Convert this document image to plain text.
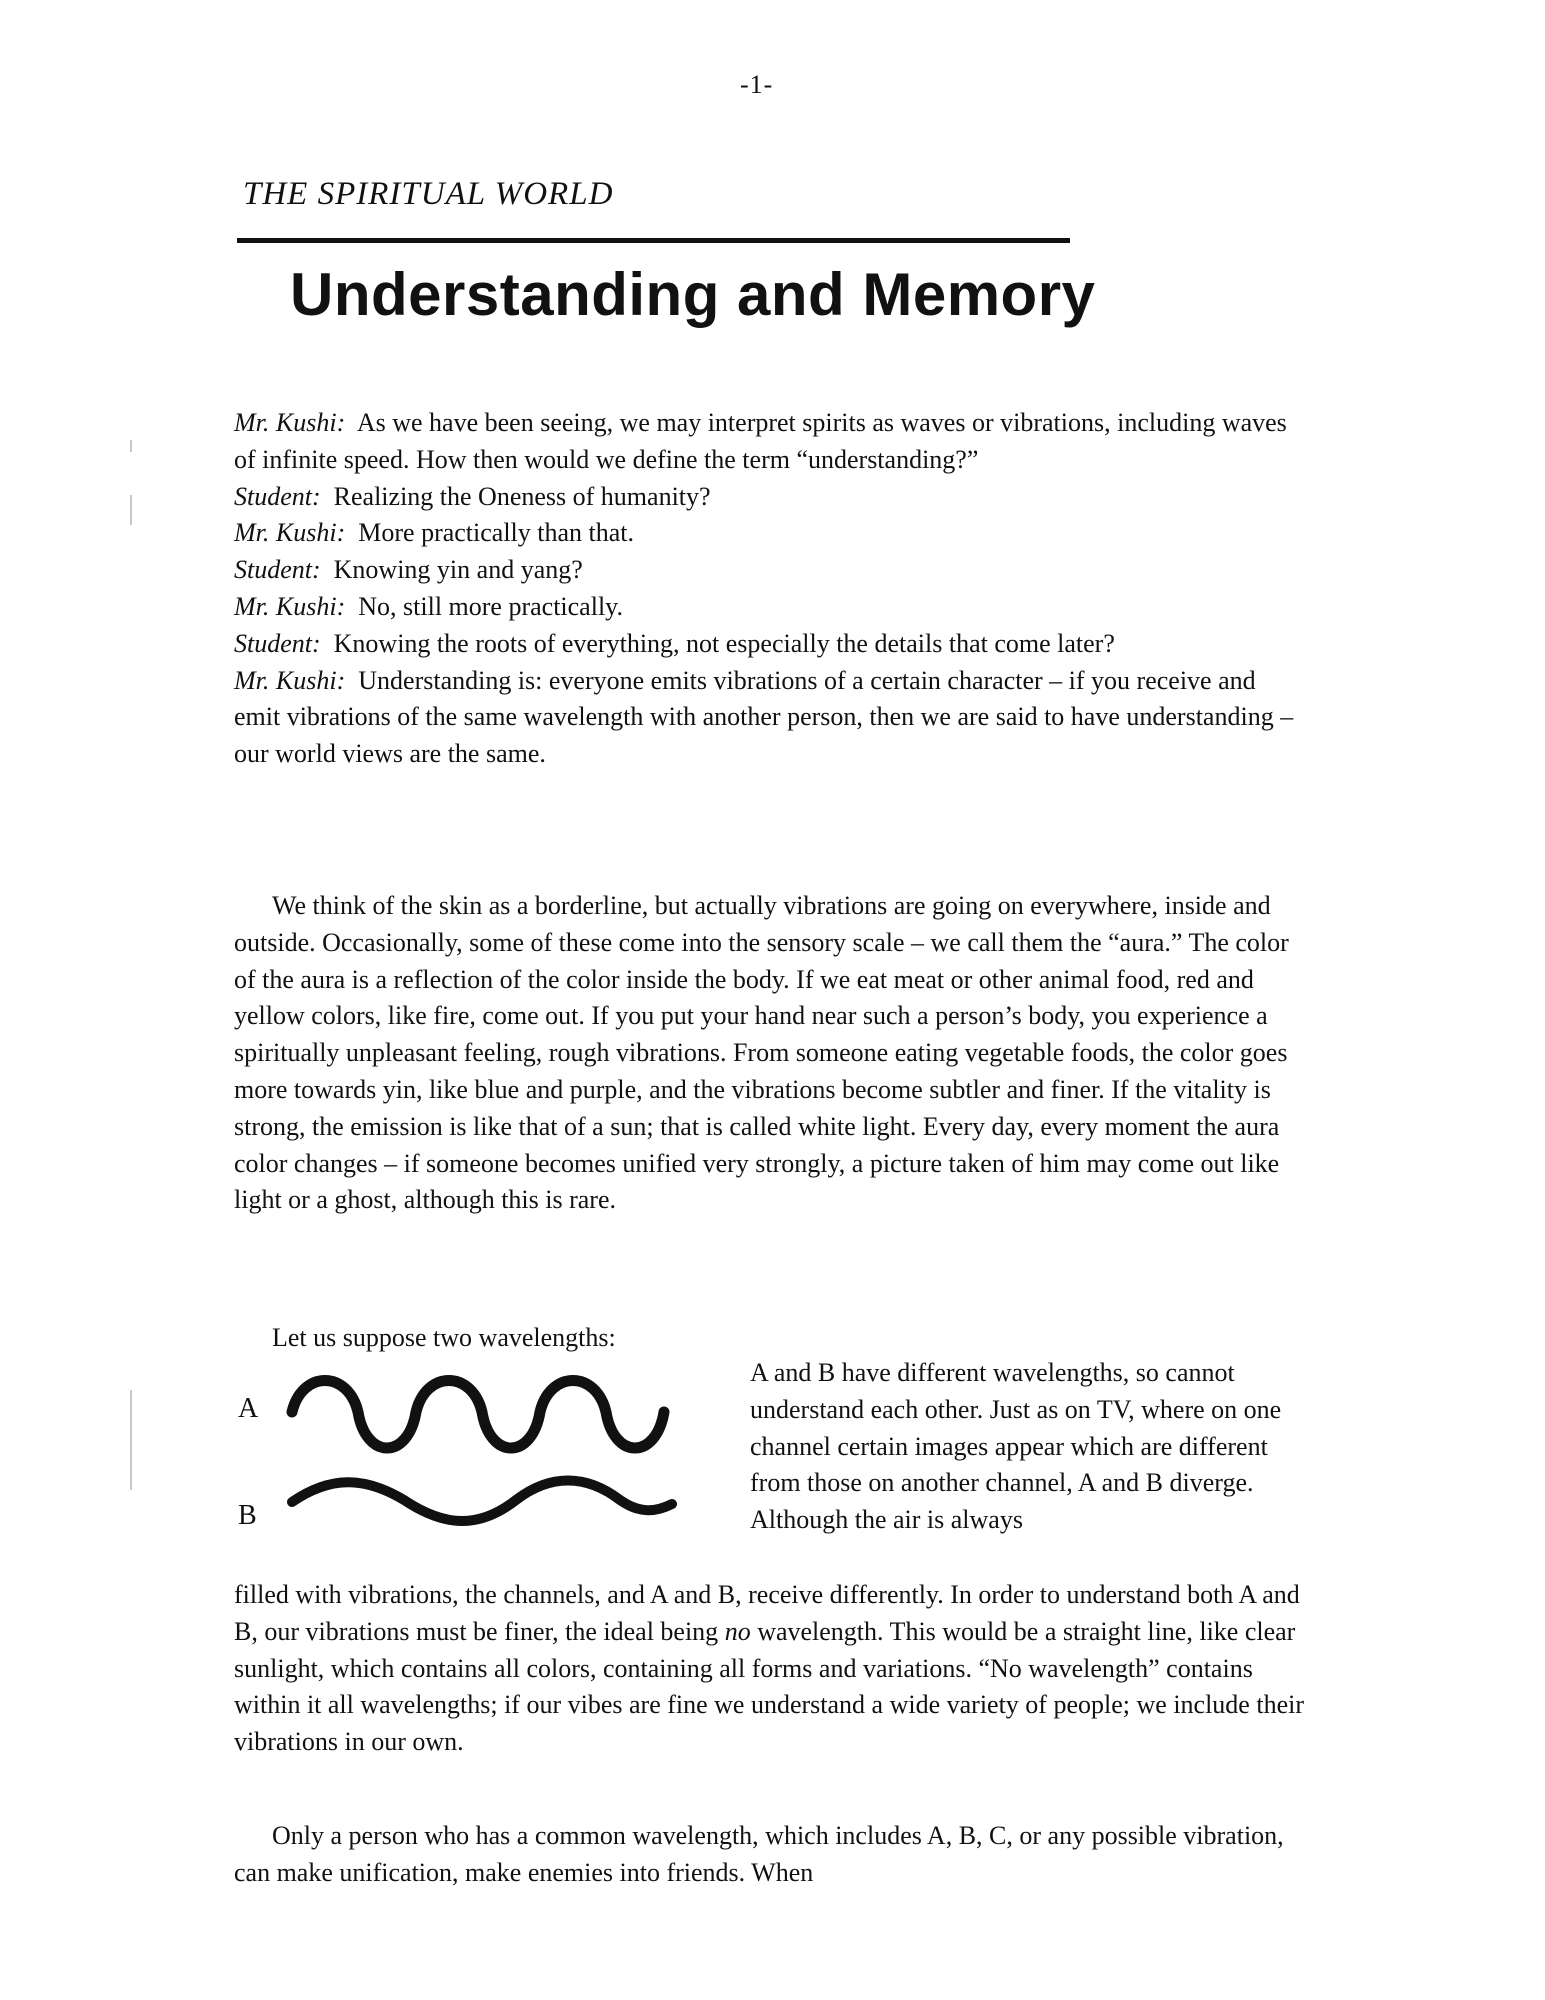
-1-
THE SPIRITUAL WORLD
Understanding and Memory
Mr. Kushi: As we have been seeing, we may interpret spirits as waves or vibrations, including waves of infinite speed. How then would we define the term “understanding?”
Student: Realizing the Oneness of humanity?
Mr. Kushi: More practically than that.
Student: Knowing yin and yang?
Mr. Kushi: No, still more practically.
Student: Knowing the roots of everything, not especially the details that come later?
Mr. Kushi: Understanding is: everyone emits vibrations of a certain character – if you receive and emit vibrations of the same wavelength with another person, then we are said to have understanding – our world views are the same.

We think of the skin as a borderline, but actually vibrations are going on everywhere, inside and outside. Occasionally, some of these come into the sensory scale – we call them the “aura.” The color of the aura is a reflection of the color inside the body. If we eat meat or other animal food, red and yellow colors, like fire, come out. If you put your hand near such a person’s body, you experience a spiritually unpleasant feeling, rough vibrations. From someone eating vegetable foods, the color goes more towards yin, like blue and purple, and the vibrations become subtler and finer. If the vitality is strong, the emission is like that of a sun; that is called white light. Every day, every moment the aura color changes – if someone becomes unified very strongly, a picture taken of him may come out like light or a ghost, although this is rare.

Let us suppose two wavelengths:
A
B
A and B have different wavelengths, so cannot understand each other. Just as on TV, where on one channel certain images appear which are different from those on another channel, A and B diverge. Although the air is always

filled with vibrations, the channels, and A and B, receive differently. In order to understand both A and B, our vibrations must be finer, the ideal being no wavelength. This would be a straight line, like clear sunlight, which contains all colors, containing all forms and variations. “No wavelength” contains within it all wavelengths; if our vibes are fine we understand a wide variety of people; we include their vibrations in our own.

Only a person who has a common wavelength, which includes A, B, C, or any possible vibration, can make unification, make enemies into friends. When
